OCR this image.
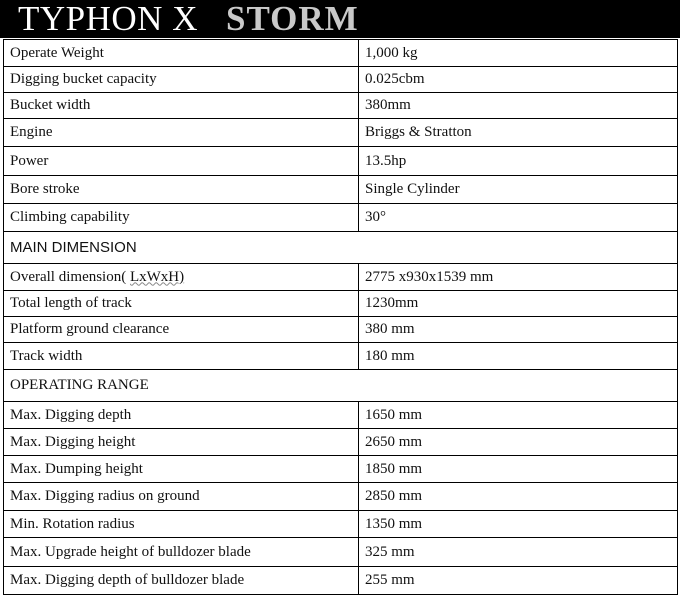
TYPHON X STORM
Operate Weight	1,000 kg
Digging bucket capacity	0.025cbm
Bucket width	380mm
Engine	Briggs & Stratton
Power	13.5hp
Bore stroke	Single Cylinder
Climbing capability	30°
MAIN DIMENSION	
Overall dimension( LxWxH)	2775 x930x1539 mm
Total length of track	1230mm
Platform ground clearance	380 mm
Track width	180 mm
OPERATING RANGE	
Max. Digging depth	1650 mm
Max. Digging height	2650 mm
Max. Dumping height	1850 mm
Max. Digging radius on ground	2850 mm
Min. Rotation radius	1350 mm
Max. Upgrade height of bulldozer blade	325 mm
Max. Digging depth of bulldozer blade	255 mm
